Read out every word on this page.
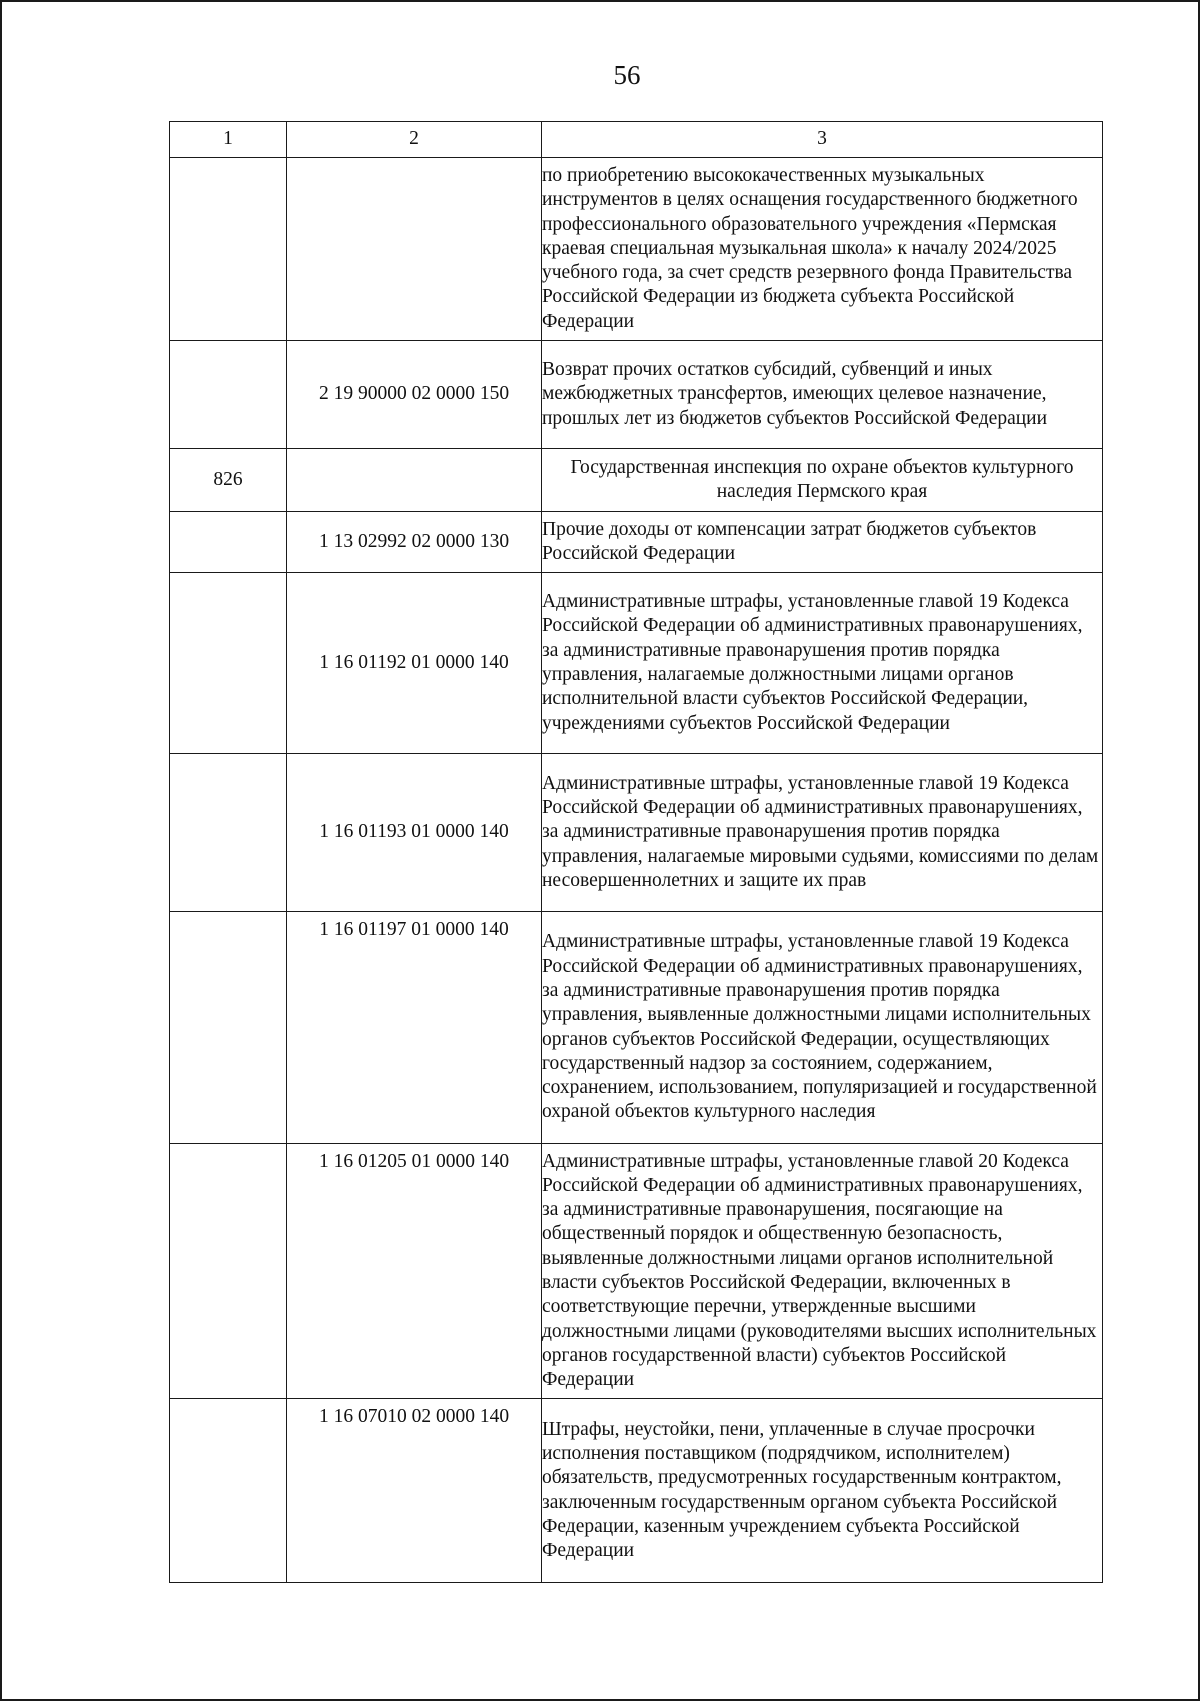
56
1	2	3
		по приобретению высококачественных музыкальных инструментов в целях оснащения государственного бюджетного профессионального образовательного учреждения «Пермская краевая специальная музыкальная школа» к началу 2024/2025 учебного года, за счет средств резервного фонда Правительства Российской Федерации из бюджета субъекта Российской Федерации
	2 19 90000 02 0000 150	Возврат прочих остатков субсидий, субвенций и иных межбюджетных трансфертов, имеющих целевое назначение, прошлых лет из бюджетов субъектов Российской Федерации
826		Государственная инспекция по охране объектов культурного наследия Пермского края
	1 13 02992 02 0000 130	Прочие доходы от компенсации затрат бюджетов субъектов Российской Федерации
	1 16 01192 01 0000 140	Административные штрафы, установленные главой 19 Кодекса Российской Федерации об административных правонарушениях, за административные правонарушения против порядка управления, налагаемые должностными лицами органов исполнительной власти субъектов Российской Федерации, учреждениями субъектов Российской Федерации
	1 16 01193 01 0000 140	Административные штрафы, установленные главой 19 Кодекса Российской Федерации об административных правонарушениях, за административные правонарушения против порядка управления, налагаемые мировыми судьями, комиссиями по делам несовершеннолетних и защите их прав
	1 16 01197 01 0000 140	Административные штрафы, установленные главой 19 Кодекса Российской Федерации об административных правонарушениях, за административные правонарушения против порядка управления, выявленные должностными лицами исполнительных органов субъектов Российской Федерации, осуществляющих государственный надзор за состоянием, содержанием, сохранением, использованием, популяризацией и государственной охраной объектов культурного наследия
	1 16 01205 01 0000 140	Административные штрафы, установленные главой 20 Кодекса Российской Федерации об административных правонарушениях, за административные правонарушения, посягающие на общественный порядок и общественную безопасность, выявленные должностными лицами органов исполнительной власти субъектов Российской Федерации, включенных в соответствующие перечни, утвержденные высшими должностными лицами (руководителями высших исполнительных органов государственной власти) субъектов Российской Федерации
	1 16 07010 02 0000 140	Штрафы, неустойки, пени, уплаченные в случае просрочки исполнения поставщиком (подрядчиком, исполнителем) обязательств, предусмотренных государственным контрактом, заключенным государственным органом субъекта Российской Федерации, казенным учреждением субъекта Российской Федерации
